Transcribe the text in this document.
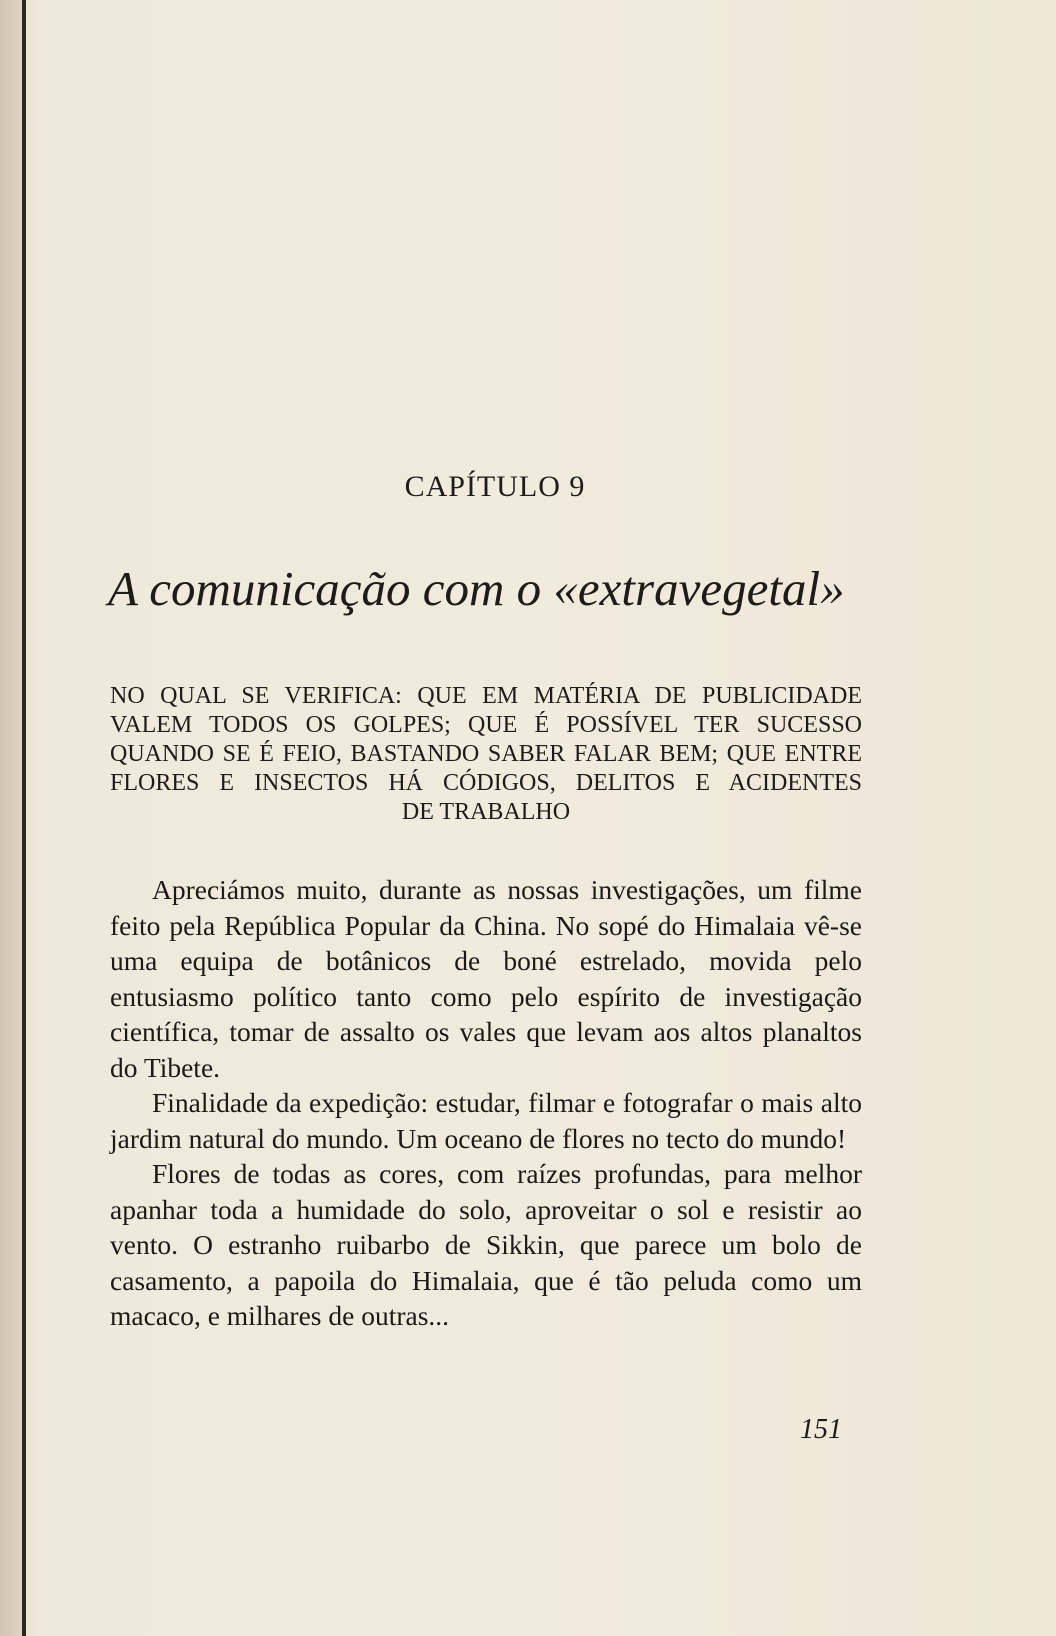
CAPÍTULO 9
A comunicação com o «extravegetal»
NO QUAL SE VERIFICA: QUE EM MATÉRIA DE PUBLICIDADE
VALEM TODOS OS GOLPES; QUE É POSSÍVEL TER SUCESSO
QUANDO SE É FEIO, BASTANDO SABER FALAR BEM; QUE ENTRE
FLORES E INSECTOS HÁ CÓDIGOS, DELITOS E ACIDENTES
DE TRABALHO

Apreciámos muito, durante as nossas investigações, um filme feito pela República Popular da China. No sopé do Himalaia vê-se uma equipa de botânicos de boné estrelado, movida pelo entusiasmo político tanto como pelo espírito de investigação científica, tomar de assalto os vales que levam aos altos planaltos do Tibete.

Finalidade da expedição: estudar, filmar e fotografar o mais alto jardim natural do mundo. Um oceano de flores no tecto do mundo!

Flores de todas as cores, com raízes profundas, para melhor apanhar toda a humidade do solo, aproveitar o sol e resistir ao vento. O estranho ruibarbo de Sikkin, que parece um bolo de casamento, a papoila do Himalaia, que é tão peluda como um macaco, e milhares de outras...

151
